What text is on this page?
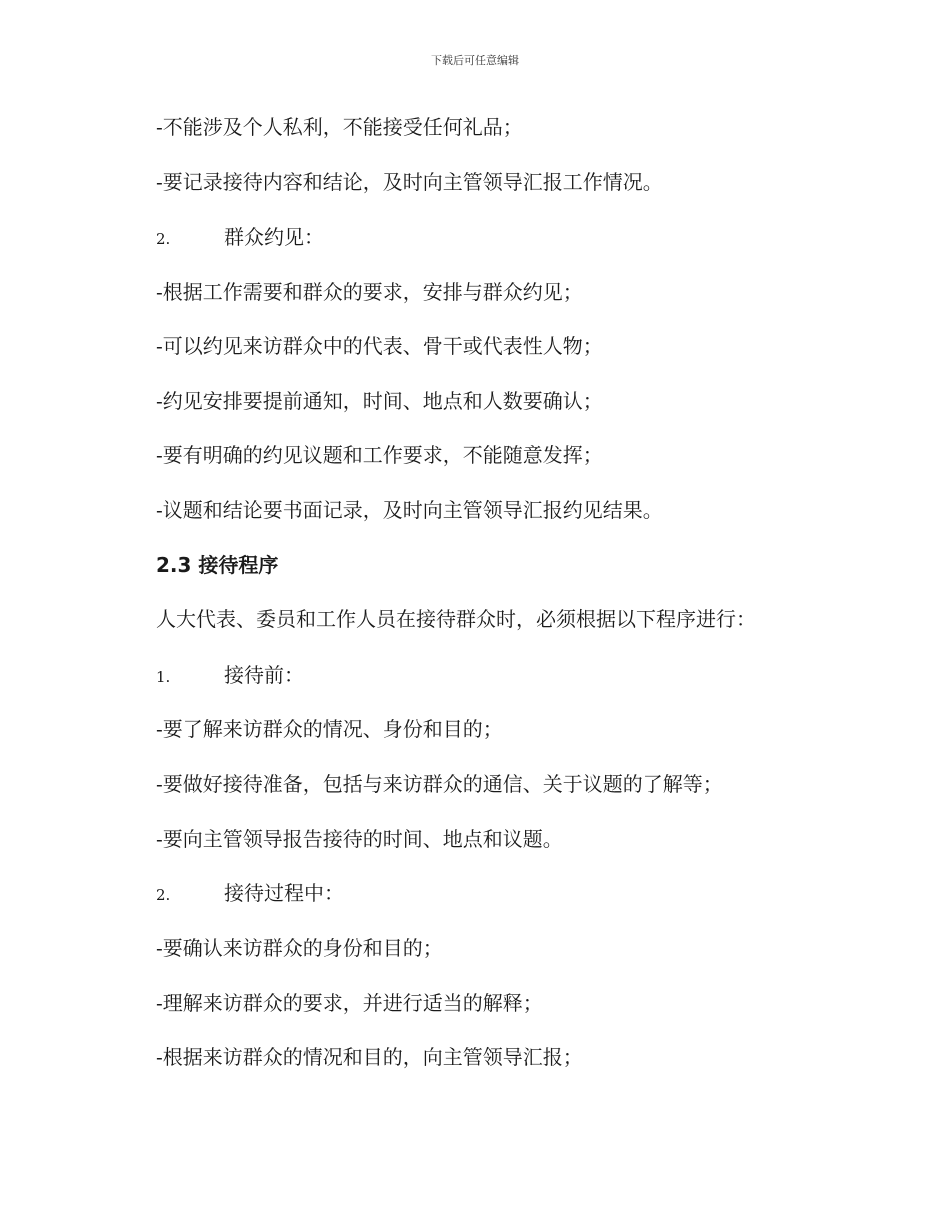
下载后可任意编辑
-不能涉及个人私利，不能接受任何礼品；
-要记录接待内容和结论，及时向主管领导汇报工作情况。
2.	群众约见：
-根据工作需要和群众的要求，安排与群众约见；
-可以约见来访群众中的代表、骨干或代表性人物；
-约见安排要提前通知，时间、地点和人数要确认；
-要有明确的约见议题和工作要求，不能随意发挥；
-议题和结论要书面记录，及时向主管领导汇报约见结果。
2.3 接待程序
人大代表、委员和工作人员在接待群众时，必须根据以下程序进行：
1.	接待前：
-要了解来访群众的情况、身份和目的；
-要做好接待准备，包括与来访群众的通信、关于议题的了解等；
-要向主管领导报告接待的时间、地点和议题。
2.	接待过程中：
-要确认来访群众的身份和目的；
-理解来访群众的要求，并进行适当的解释；
-根据来访群众的情况和目的，向主管领导汇报；
